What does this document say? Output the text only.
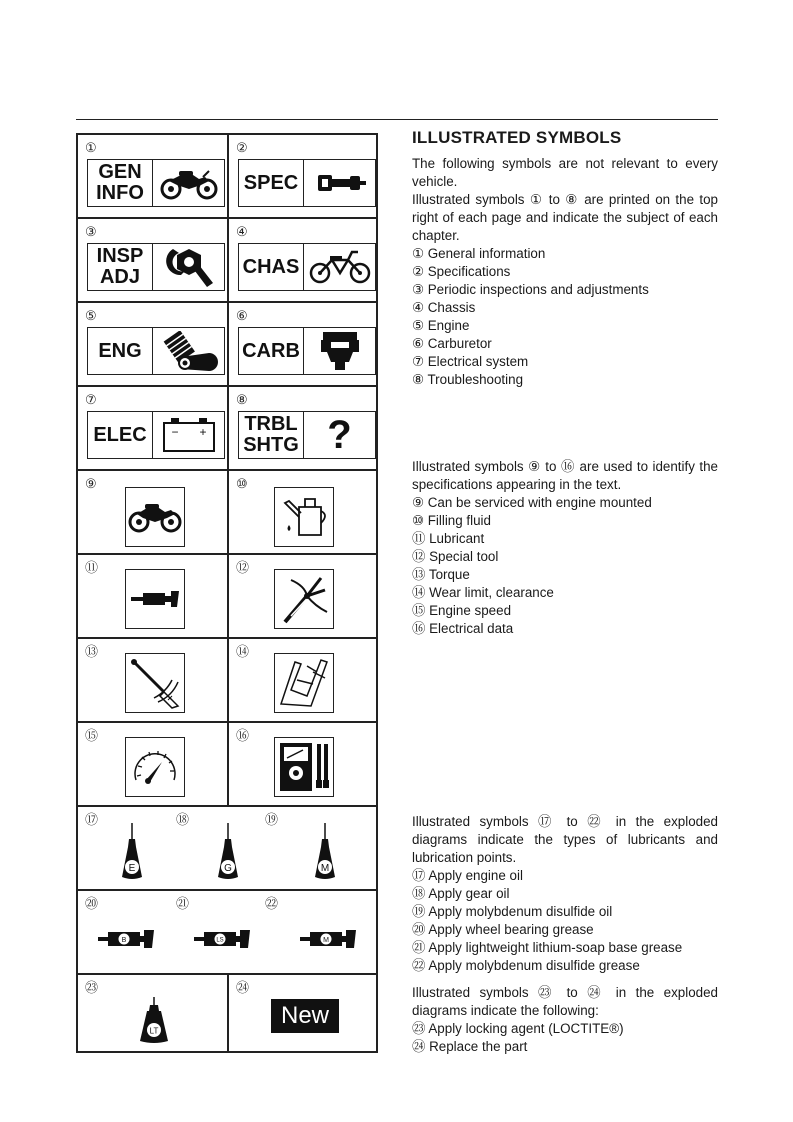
①
GEN
INFO
②
SPEC
③
INSP
ADJ
④
CHAS
⑤
ENG
⑥
CARB
⑦
ELEC	− +
⑧
TRBL
SHTG ?
⑨	⑩
⑪	⑫
⑬	⑭
⑮	⑯
⑰	⑱	⑲
E	G	M
⑳	㉑	㉒
B	LS	M
㉓
LT
㉔
New
ILLUSTRATED SYMBOLS

The following symbols are not relevant to every vehicle.

Illustrated symbols ① to ⑧ are printed on the top right of each page and indicate the subject of each chapter.

① General information

② Specifications

③ Periodic inspections and adjustments

④ Chassis

⑤ Engine

⑥ Carburetor

⑦ Electrical system

⑧ Troubleshooting

Illustrated symbols ⑨ to ⑯ are used to identify the specifications appearing in the text.

⑨ Can be serviced with engine mounted

⑩ Filling fluid

⑪ Lubricant

⑫ Special tool

⑬ Torque

⑭ Wear limit, clearance

⑮ Engine speed

⑯ Electrical data

Illustrated symbols ⑰ to ㉒ in the exploded diagrams indicate the types of lubricants and lubrication points.

⑰ Apply engine oil

⑱ Apply gear oil

⑲ Apply molybdenum disulfide oil

⑳ Apply wheel bearing grease

㉑ Apply lightweight lithium-soap base grease

㉒ Apply molybdenum disulfide grease

Illustrated symbols ㉓ to ㉔ in the exploded diagrams indicate the following:

㉓ Apply locking agent (LOCTITE®)

㉔ Replace the part
